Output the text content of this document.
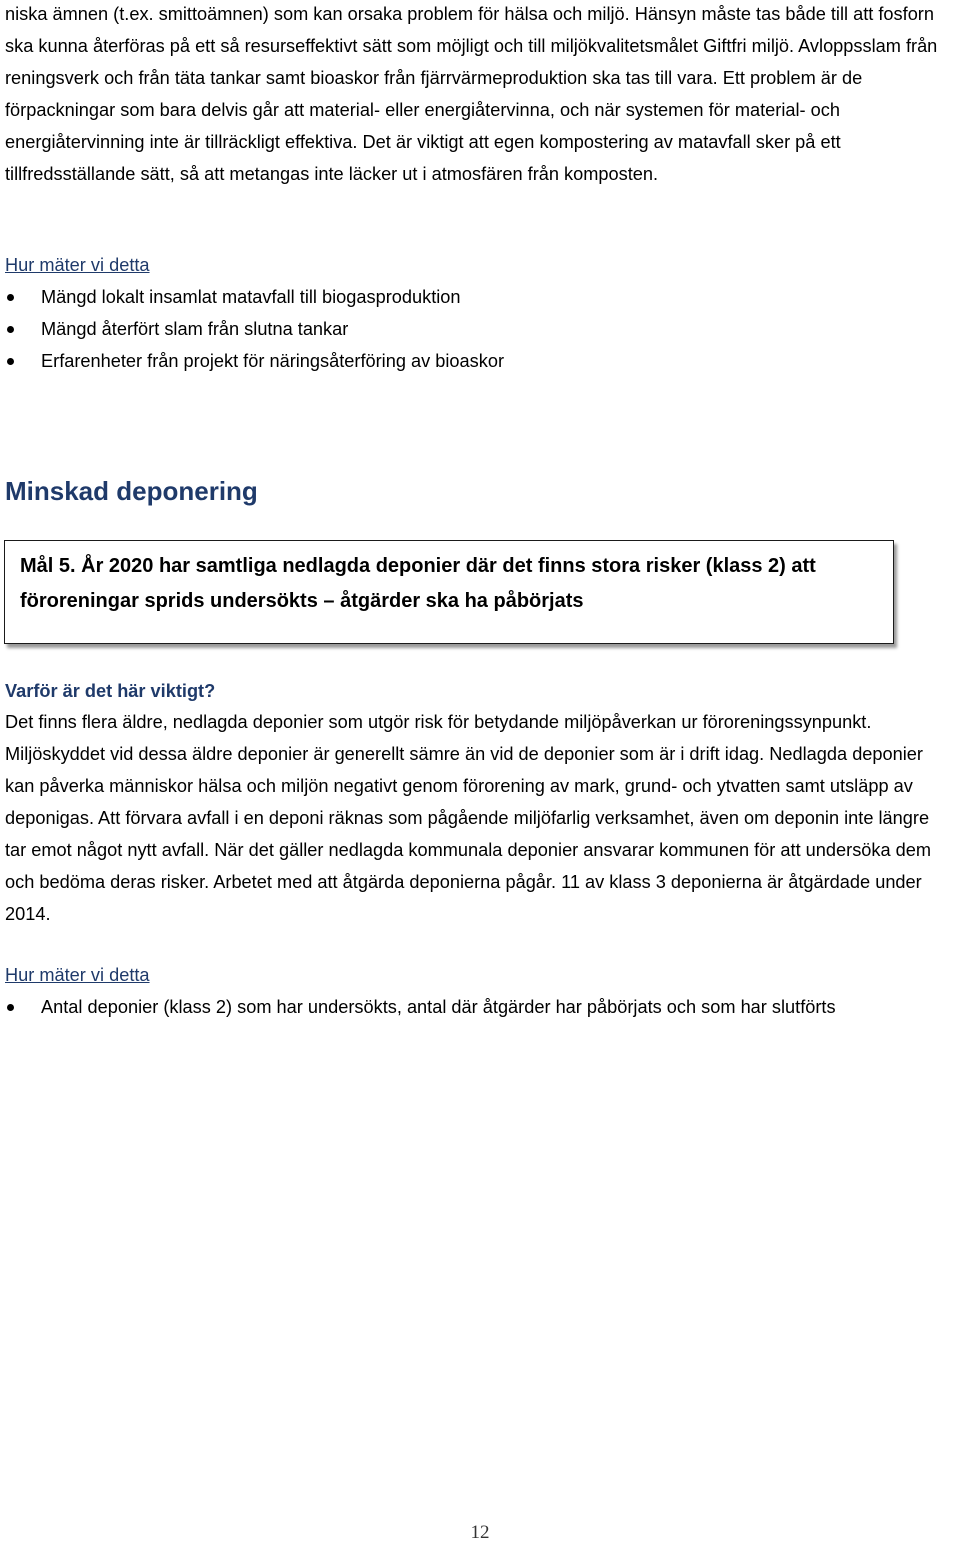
niska ämnen (t.ex. smittoämnen) som kan orsaka problem för hälsa och miljö. Hänsyn måste tas både till att fosforn ska kunna återföras på ett så resurseffektivt sätt som möjligt och till miljökvalitetsmålet Giftfri miljö. Avloppsslam från reningsverk och från täta tankar samt bioaskor från fjärrvärmeproduktion ska tas till vara. Ett problem är de förpackningar som bara delvis går att material- eller energiåtervinna, och när systemen för material- och energiåtervinning inte är tillräckligt effektiva. Det är viktigt att egen kompostering av matavfall sker på ett tillfredsställande sätt, så att metangas inte läcker ut i atmosfären från komposten.

Hur mäter vi detta

Mängd lokalt insamlat matavfall till biogasproduktion
Mängd återfört slam från slutna tankar
Erfarenheter från projekt för näringsåterföring av bioaskor
Minskad deponering

Mål 5. År 2020 har samtliga nedlagda deponier där det finns stora risker (klass 2) att föroreningar sprids undersökts – åtgärder ska ha påbörjats

Varför är det här viktigt?

Det finns flera äldre, nedlagda deponier som utgör risk för betydande miljöpåverkan ur föroreningssynpunkt. Miljöskyddet vid dessa äldre deponier är generellt sämre än vid de deponier som är i drift idag. Nedlagda deponier kan påverka människor hälsa och miljön negativt genom förorening av mark, grund- och ytvatten samt utsläpp av deponigas. Att förvara avfall i en deponi räknas som pågående miljöfarlig verksamhet, även om deponin inte längre tar emot något nytt avfall. När det gäller nedlagda kommunala deponier ansvarar kommunen för att undersöka dem och bedöma deras risker. Arbetet med att åtgärda deponierna pågår. 11 av klass 3 deponierna är åtgärdade under 2014.

Hur mäter vi detta

Antal deponier (klass 2) som har undersökts, antal där åtgärder har påbörjats och som har slutförts
12
